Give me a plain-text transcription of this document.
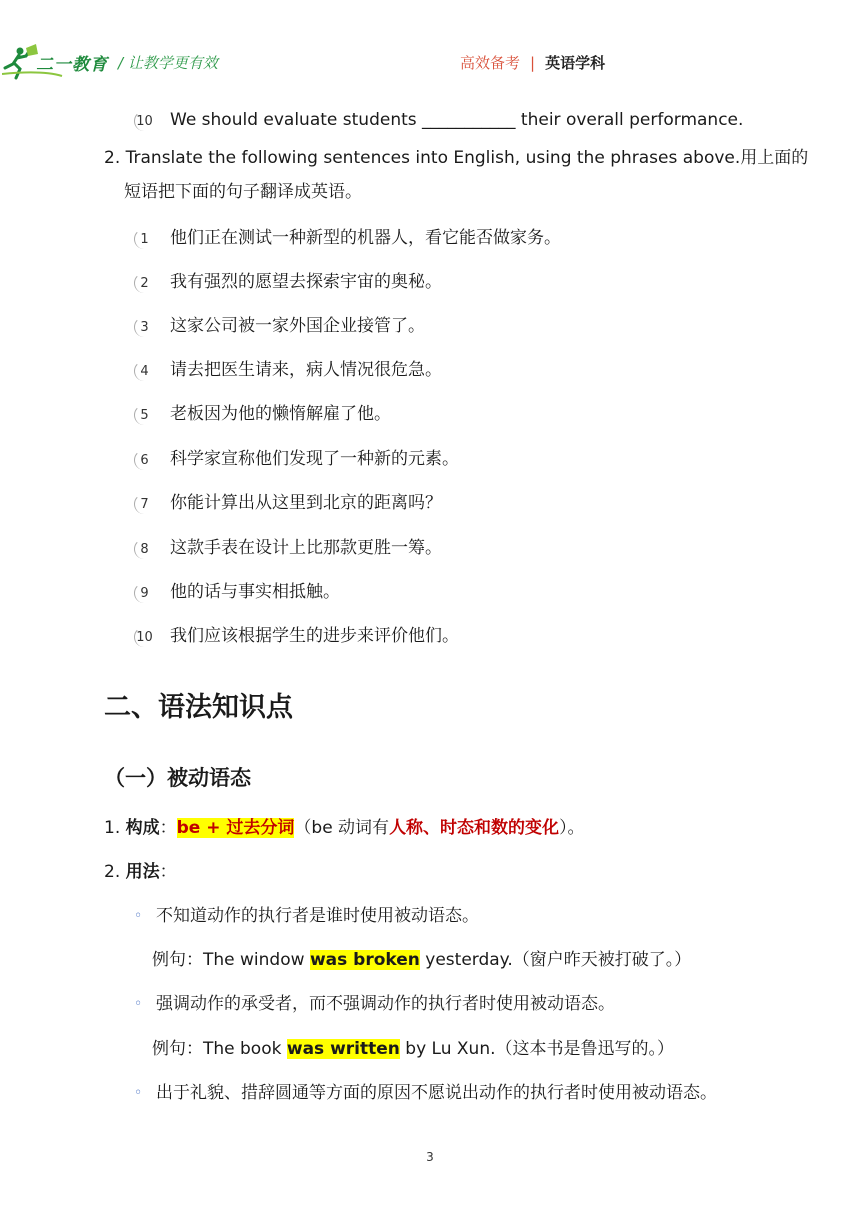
二一教育 / 让教学更有效	高效备考 | 英语学科
10 We should evaluate students ___________ their overall performance.
2. Translate the following sentences into English, using the phrases above.用上面的
短语把下面的句子翻译成英语。
1	他们正在测试一种新型的机器人，看它能否做家务。
2	我有强烈的愿望去探索宇宙的奥秘。
3	这家公司被一家外国企业接管了。
4	请去把医生请来，病人情况很危急。
5	老板因为他的懒惰解雇了他。
6	科学家宣称他们发现了一种新的元素。
7	你能计算出从这里到北京的距离吗？
8	这款手表在设计上比那款更胜一筹。
9	他的话与事实相抵触。
10 我们应该根据学生的进步来评价他们。
二、语法知识点
（一）被动语态
1. 构成：be + 过去分词（be 动词有人称、时态和数的变化）。
2. 用法：
◦ 不知道动作的执行者是谁时使用被动语态。
例句：The window was broken yesterday.（窗户昨天被打破了。）
◦ 强调动作的承受者，而不强调动作的执行者时使用被动语态。
例句：The book was written by Lu Xun.（这本书是鲁迅写的。）
◦ 出于礼貌、措辞圆通等方面的原因不愿说出动作的执行者时使用被动语态。
3
